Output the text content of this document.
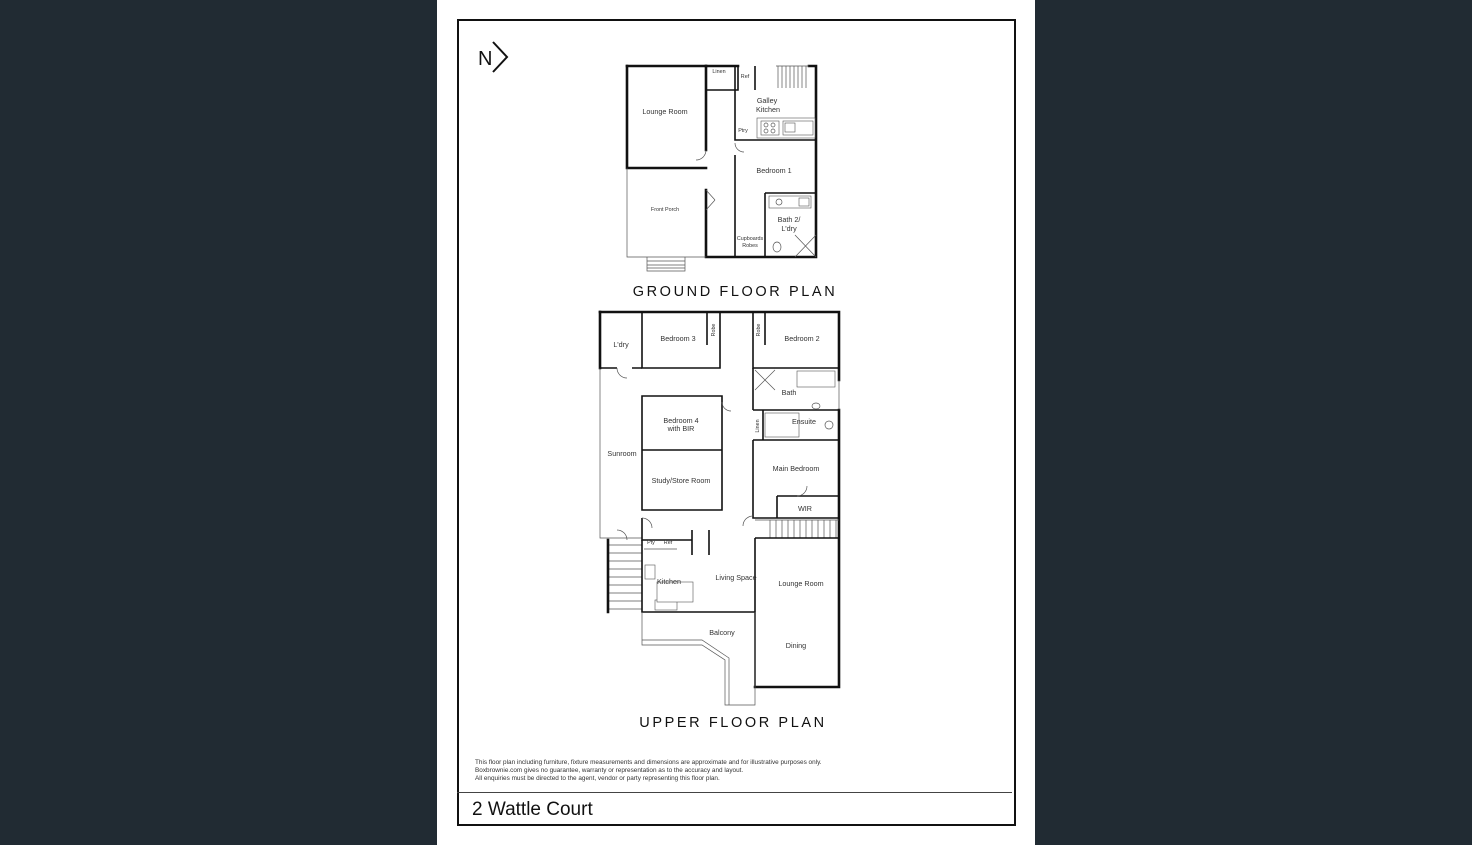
N
Lounge Room
Front Porch
Linen
Ref
Galley
Kitchen
Ptry
Bedroom 1
Bath 2/
L'dry
Cupboards
Robes
GROUND FLOOR PLAN
L'dry
Bedroom 3
Robe	Robe
Bedroom 2
Bath
Linen	Ensuite
Bedroom 4
with BIR
Sunroom
Study/Store Room
Main Bedroom
WIR
Pty Ref
Kitchen	Living Space
Lounge Room
Balcony
Dining
UPPER FLOOR PLAN
This floor plan including furniture, fixture measurements and dimensions are approximate and for illustrative purposes only.
Boxbrownie.com gives no guarantee, warranty or representation as to the accuracy and layout.
All enquiries must be directed to the agent, vendor or party representing this floor plan.
2 Wattle Court
